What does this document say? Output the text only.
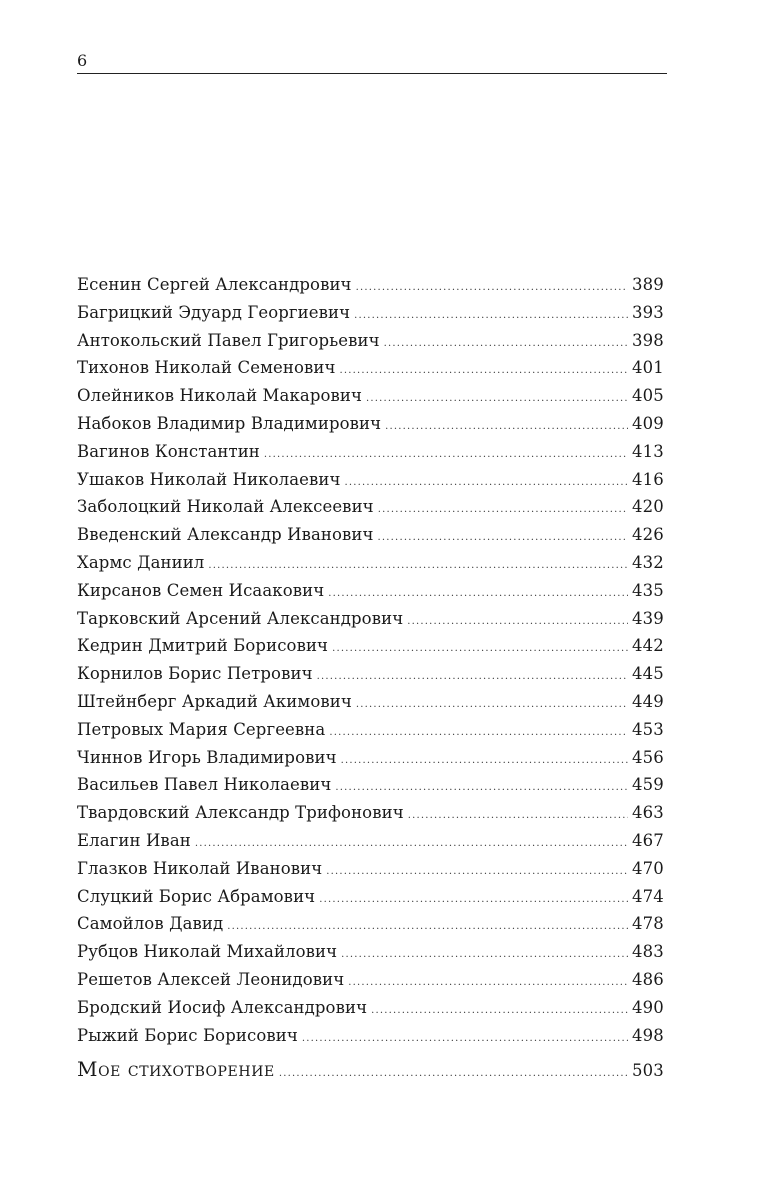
6
Есенин Сергей Александрович .....	389
Багрицкий Эдуард Георгиевич .....	393
Антокольский Павел Григорьевич .....	398
Тихонов Николай Семенович .....	401
Олейников Николай Макарович .....	405
Набоков Владимир Владимирович .....	409
Вагинов Константин .....	413
Ушаков Николай Николаевич .....	416
Заболоцкий Николай Алексеевич .....	420
Введенский Александр Иванович .....	426
Хармс Даниил .....	432
Кирсанов Семен Исаакович .....	435
Тарковский Арсений Александрович .....	439
Кедрин Дмитрий Борисович .....	442
Корнилов Борис Петрович .....	445
Штейнберг Аркадий Акимович .....	449
Петровых Мария Сергеевна .....	453
Чиннов Игорь Владимирович .....	456
Васильев Павел Николаевич .....	459
Твардовский Александр Трифонович .....	463
Елагин Иван .....	467
Глазков Николай Иванович .....	470
Слуцкий Борис Абрамович .....	474
Самойлов Давид .....	478
Рубцов Николай Михайлович .....	483
Решетов Алексей Леонидович .....	486
Бродский Иосиф Александрович .....	490
Рыжий Борис Борисович .....	498
Мое стихотворение .....	503
